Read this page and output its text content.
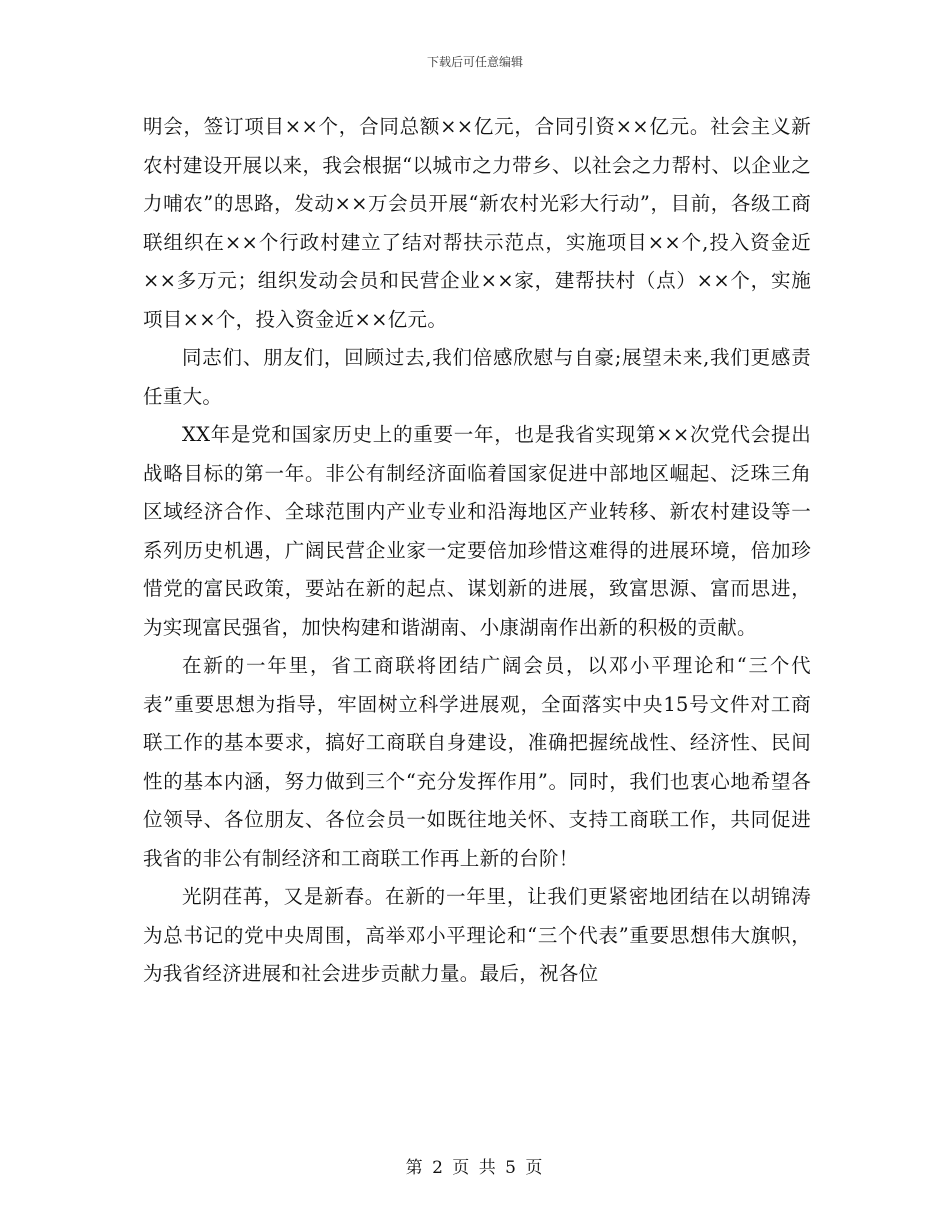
下载后可任意编辑

明会，签订项目××个，合同总额××亿元，合同引资××亿元。社会主义新农村建设开展以来，我会根据“以城市之力带乡、以社会之力帮村、以企业之力哺农”的思路，发动××万会员开展“新农村光彩大行动”，目前，各级工商联组织在××个行政村建立了结对帮扶示范点，实施项目××个,投入资金近××多万元；组织发动会员和民营企业××家，建帮扶村（点）××个，实施项目××个，投入资金近××亿元。

同志们、朋友们，回顾过去,我们倍感欣慰与自豪;展望未来,我们更感责任重大。

XX年是党和国家历史上的重要一年，也是我省实现第××次党代会提出战略目标的第一年。非公有制经济面临着国家促进中部地区崛起、泛珠三角区域经济合作、全球范围内产业专业和沿海地区产业转移、新农村建设等一系列历史机遇，广阔民营企业家一定要倍加珍惜这难得的进展环境，倍加珍惜党的富民政策，要站在新的起点、谋划新的进展，致富思源、富而思进，为实现富民强省，加快构建和谐湖南、小康湖南作出新的积极的贡献。

在新的一年里，省工商联将团结广阔会员，以邓小平理论和“三个代表”重要思想为指导，牢固树立科学进展观，全面落实中央15号文件对工商联工作的基本要求，搞好工商联自身建设，准确把握统战性、经济性、民间性的基本内涵，努力做到三个“充分发挥作用”。同时，我们也衷心地希望各位领导、各位朋友、各位会员一如既往地关怀、支持工商联工作，共同促进我省的非公有制经济和工商联工作再上新的台阶！

光阴荏苒，又是新春。在新的一年里，让我们更紧密地团结在以胡锦涛为总书记的党中央周围，高举邓小平理论和“三个代表”重要思想伟大旗帜，为我省经济进展和社会进步贡献力量。最后，祝各位

第 2 页 共 5 页
